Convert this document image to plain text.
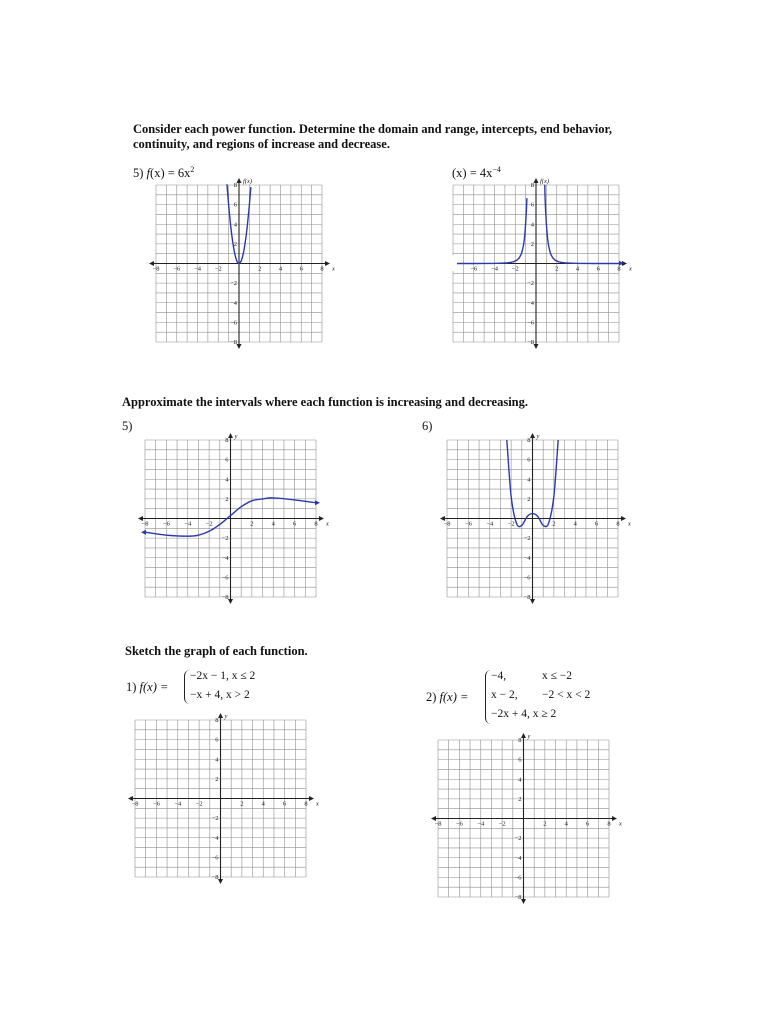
Consider each power function. Determine the domain and range, intercepts, end behavior,
continuity, and regions of increase and decrease.
5) $f(x) = 6x^2$	$(x) = 4x^{-4}$
−8 −6 −4 −2	2	4	6	8
8
6
4
2
−2
−4
−6
−8
x
f(x)
−6 −4 −2	2	4	6	8
8
6
4
2
−2
−4
−6
−8
x
f(x)
Approximate the intervals where each function is increasing and decreasing.
5)	6)
−8 −6 −4 −2	2	4	6	8
8
6
4
2
−2
−4
−6
−8
x
y
−8 −6 −4 −2	2	4	6	8
8
6
4
2
−2
−4
−6
−8
x
y
Sketch the graph of each function.
1) f(x) =
−2x − 1, x ≤ 2
−x + 4, x > 2	2) f(x) =
−4,	x ≤ −2
x − 2, −2 < x < 2
−2x + 4, x ≥ 2
−8 −6 −4 −2	2	4	6	8
8
6
4
2
−2
−4
−6
−8
x
y
−8 −6 −4 −2	2	4	6	8
8
6
4
2
−2
−4
−6
−8
x
y
